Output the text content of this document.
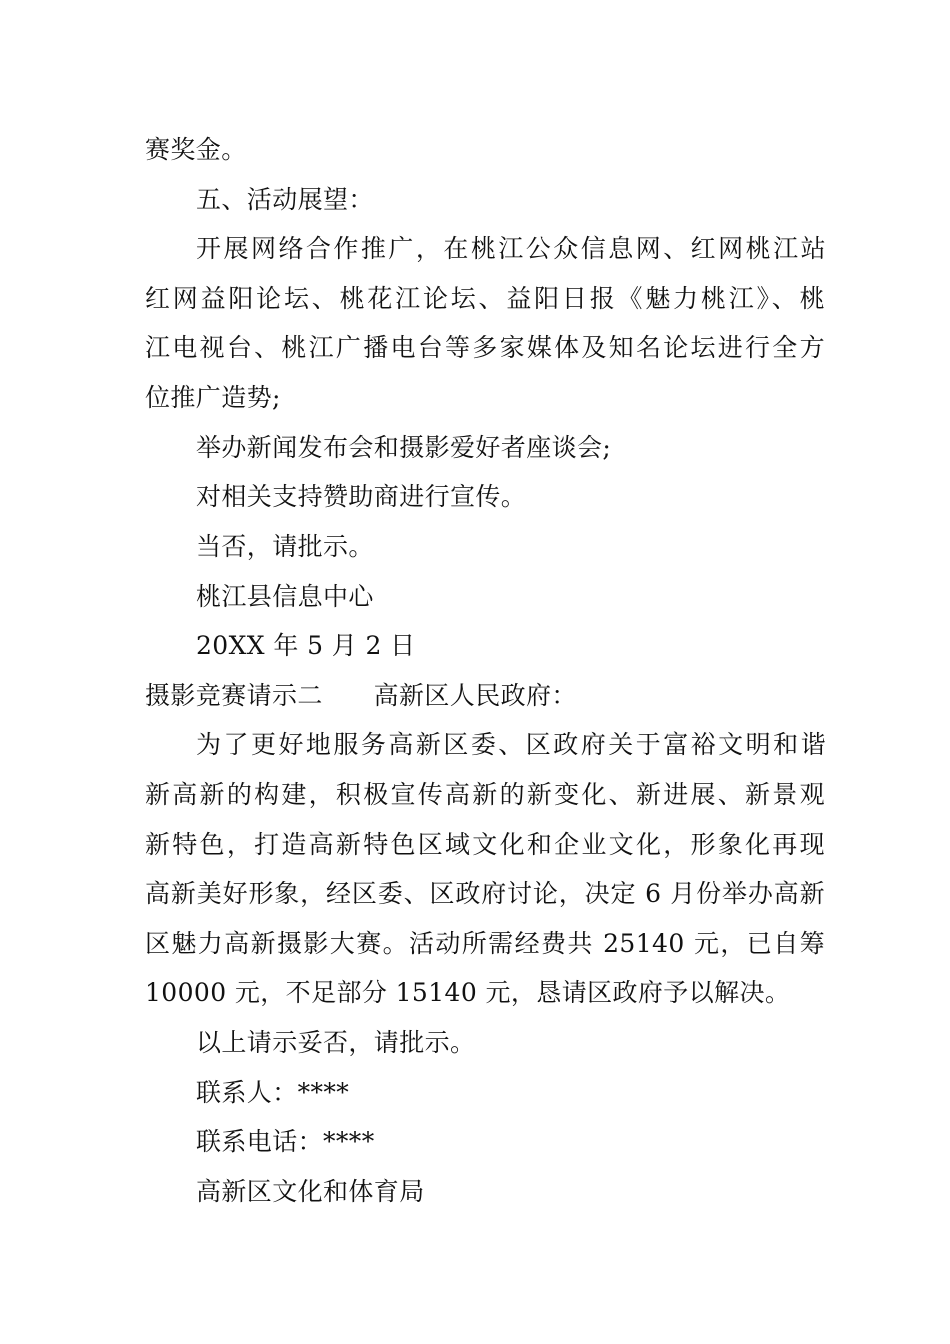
赛奖金。
五、活动展望：
开展网络合作推广，在桃江公众信息网、红网桃江站
红网益阳论坛、桃花江论坛、益阳日报《魅力桃江》、桃
江电视台、桃江广播电台等多家媒体及知名论坛进行全方
位推广造势;
举办新闻发布会和摄影爱好者座谈会;
对相关支持赞助商进行宣传。
当否，请批示。
桃江县信息中心
20XX 年 5 月 2 日
摄影竞赛请示二　　高新区人民政府：
为了更好地服务高新区委、区政府关于富裕文明和谐
新高新的构建，积极宣传高新的新变化、新进展、新景观
新特色，打造高新特色区域文化和企业文化，形象化再现
高新美好形象，经区委、区政府讨论，决定 6 月份举办高新
区魅力高新摄影大赛。活动所需经费共 25140 元，已自筹
10000 元，不足部分 15140 元，恳请区政府予以解决。
以上请示妥否，请批示。
联系人：****
联系电话：****
高新区文化和体育局
